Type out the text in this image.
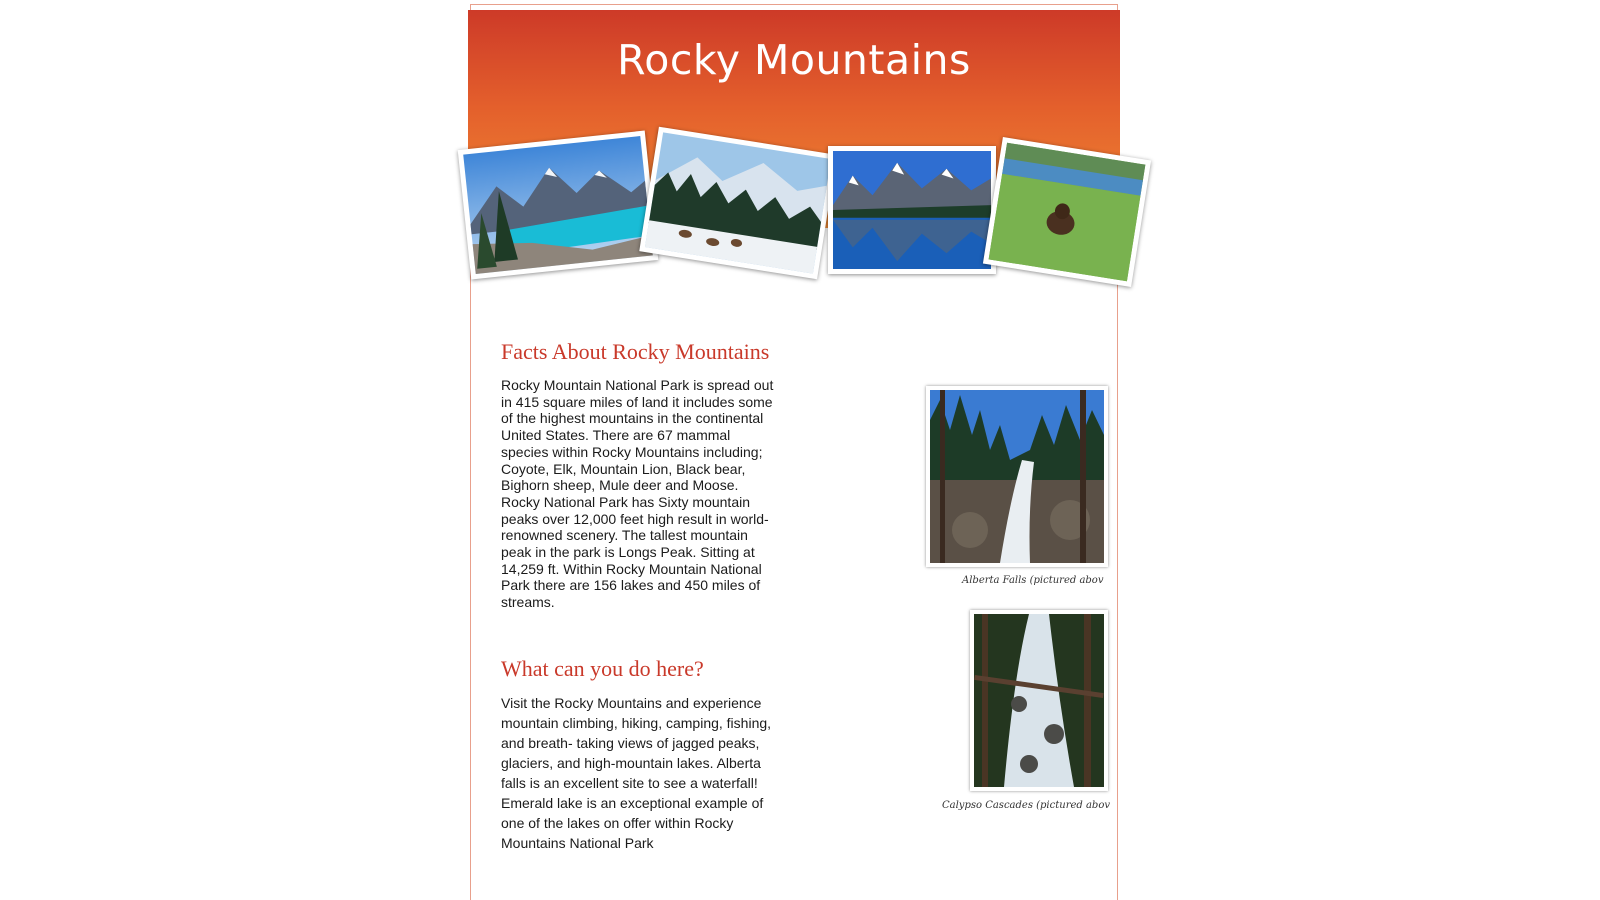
Rocky Mountains
Facts About Rocky Mountains

Rocky Mountain National Park is spread out in 415 square miles of land it includes some of the highest mountains in the continental United States. There are 67 mammal species within Rocky Mountains including; Coyote, Elk, Mountain Lion, Black bear, Bighorn sheep, Mule deer and Moose. Rocky National Park has Sixty mountain peaks over 12,000 feet high result in world-renowned scenery. The tallest mountain peak in the park is Longs Peak. Sitting at 14,259 ft. Within Rocky Mountain National Park there are 156 lakes and 450 miles of streams.

What can you do here?

Visit the Rocky Mountains and experience mountain climbing, hiking, camping, fishing, and breath- taking views of jagged peaks, glaciers, and high-mountain lakes. Alberta falls is an excellent site to see a waterfall! Emerald lake is an exceptional example of one of the lakes on offer within Rocky Mountains National Park

Alberta Falls (pictured abov
Calypso Cascades (pictured abov
